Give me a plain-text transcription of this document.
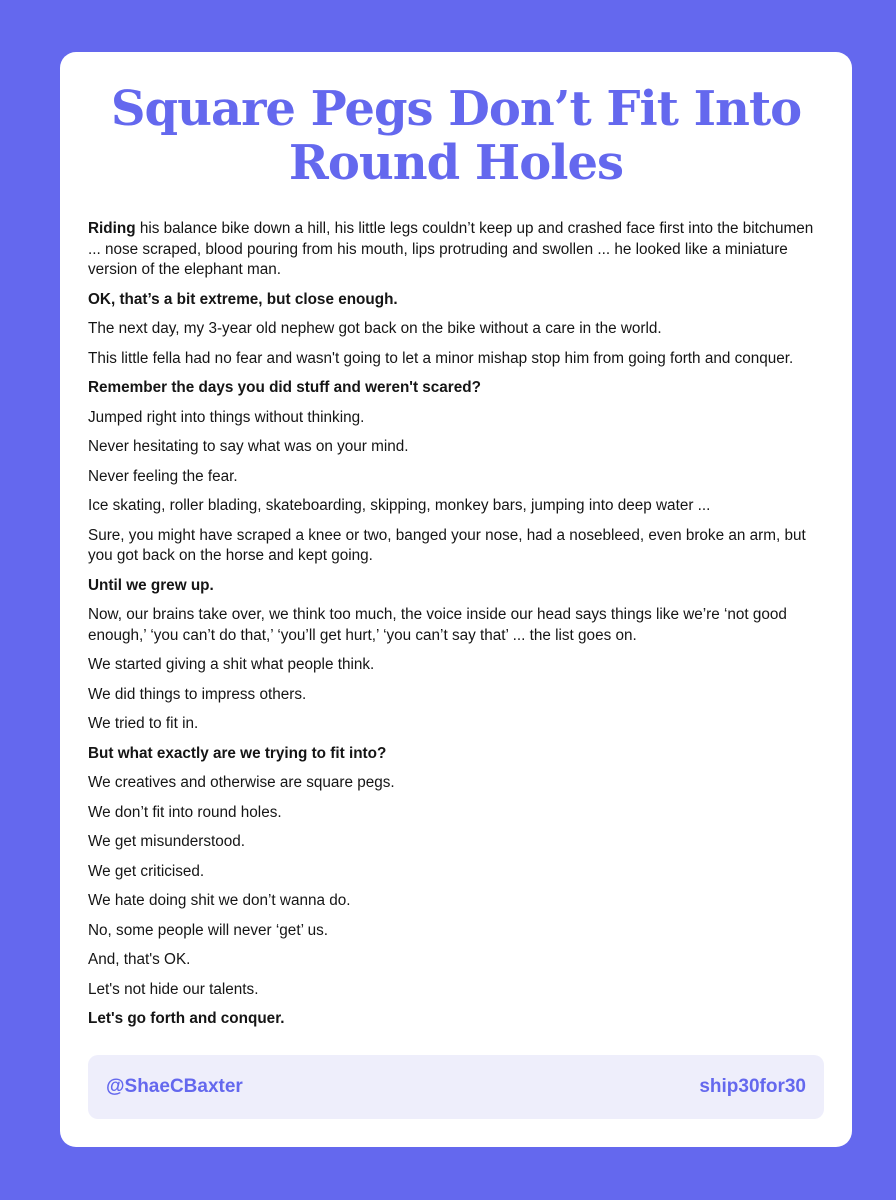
Square Pegs Don’t Fit Into Round Holes

Riding his balance bike down a hill, his little legs couldn’t keep up and crashed face first into the bitchumen ... nose scraped, blood pouring from his mouth, lips protruding and swollen ... he looked like a miniature version of the elephant man.

OK, that’s a bit extreme, but close enough.

The next day, my 3-year old nephew got back on the bike without a care in the world.

This little fella had no fear and wasn't going to let a minor mishap stop him from going forth and conquer.

Remember the days you did stuff and weren't scared?

Jumped right into things without thinking.

Never hesitating to say what was on your mind.

Never feeling the fear.

Ice skating, roller blading, skateboarding, skipping, monkey bars, jumping into deep water ...

Sure, you might have scraped a knee or two, banged your nose, had a nosebleed, even broke an arm, but you got back on the horse and kept going.

Until we grew up.

Now, our brains take over, we think too much, the voice inside our head says things like we’re ‘not good enough,’ ‘you can’t do that,’ ‘you’ll get hurt,’ ‘you can’t say that’ ... the list goes on.

We started giving a shit what people think.

We did things to impress others.

We tried to fit in.

But what exactly are we trying to fit into?

We creatives and otherwise are square pegs.

We don’t fit into round holes.

We get misunderstood.

We get criticised.

We hate doing shit we don’t wanna do.

No, some people will never ‘get’ us.

And, that's OK.

Let's not hide our talents.

Let's go forth and conquer.

@ShaeCBaxter	ship30for30
